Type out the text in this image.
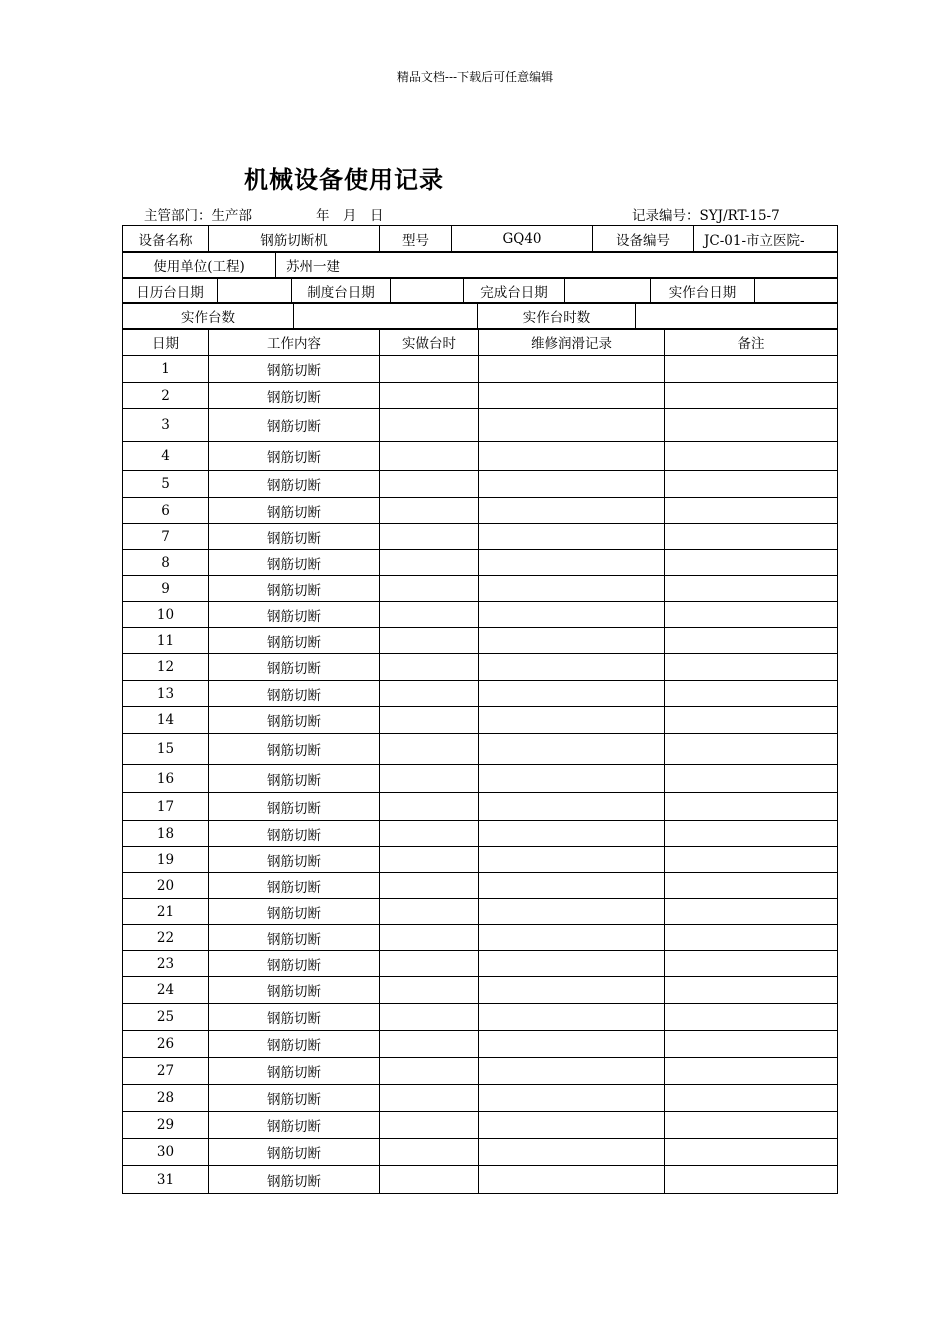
精品文档---下载后可任意编辑
机械设备使用记录
主管部门：生产部	年　月　日	记录编号：SYJ/RT-15-7
设备名称	钢筋切断机	型号	GQ40	设备编号	JC-01-市立医院-
使用单位(工程)	苏州一建
日历台日期		制度台日期		完成台日期		实作台日期	
实作台数		实作台时数	
日期	工作内容	实做台时	维修润滑记录	备注
1	钢筋切断			
2	钢筋切断			
3	钢筋切断			
4	钢筋切断			
5	钢筋切断			
6	钢筋切断			
7	钢筋切断			
8	钢筋切断			
9	钢筋切断			
10	钢筋切断			
11	钢筋切断			
12	钢筋切断			
13	钢筋切断			
14	钢筋切断			
15	钢筋切断			
16	钢筋切断			
17	钢筋切断			
18	钢筋切断			
19	钢筋切断			
20	钢筋切断			
21	钢筋切断			
22	钢筋切断			
23	钢筋切断			
24	钢筋切断			
25	钢筋切断			
26	钢筋切断			
27	钢筋切断			
28	钢筋切断			
29	钢筋切断			
30	钢筋切断			
31	钢筋切断			
